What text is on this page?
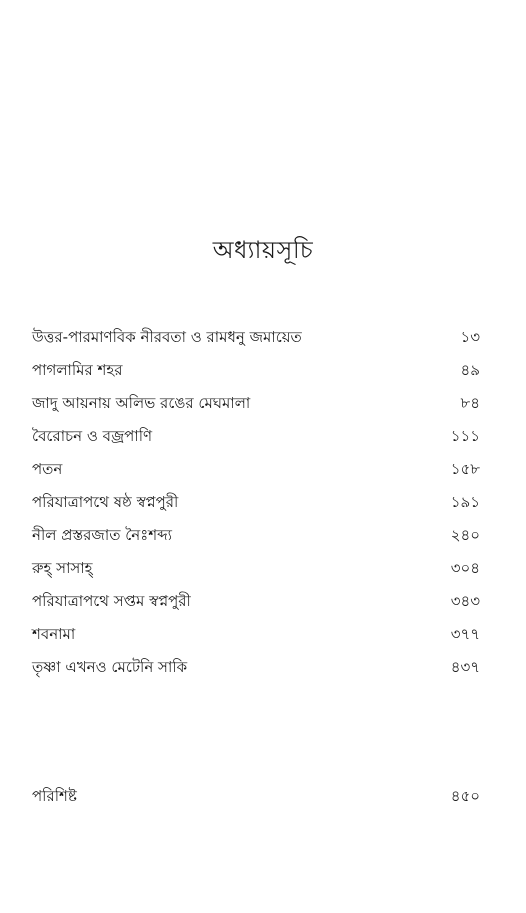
অধ্যায়সূচি
উত্তর-পারমাণবিক নীরবতা ও রামধনু জমায়েত	১৩
পাগলামির শহর	৪৯
জাদু আয়নায় অলিভ রঙের মেঘমালা	৮৪
বৈরোচন ও বজ্রপাণি	১১১
পতন	১৫৮
পরিযাত্রাপথে ষষ্ঠ স্বপ্নপুরী	১৯১
নীল প্রস্তরজাত নৈঃশব্দ্য	২৪০
রুহ্ সাসাহ্	৩০৪
পরিযাত্রাপথে সপ্তম স্বপ্নপুরী	৩৪৩
শবনামা	৩৭৭
তৃষ্ণা এখনও মেটেনি সাকি	৪৩৭
পরিশিষ্ট	৪৫০
